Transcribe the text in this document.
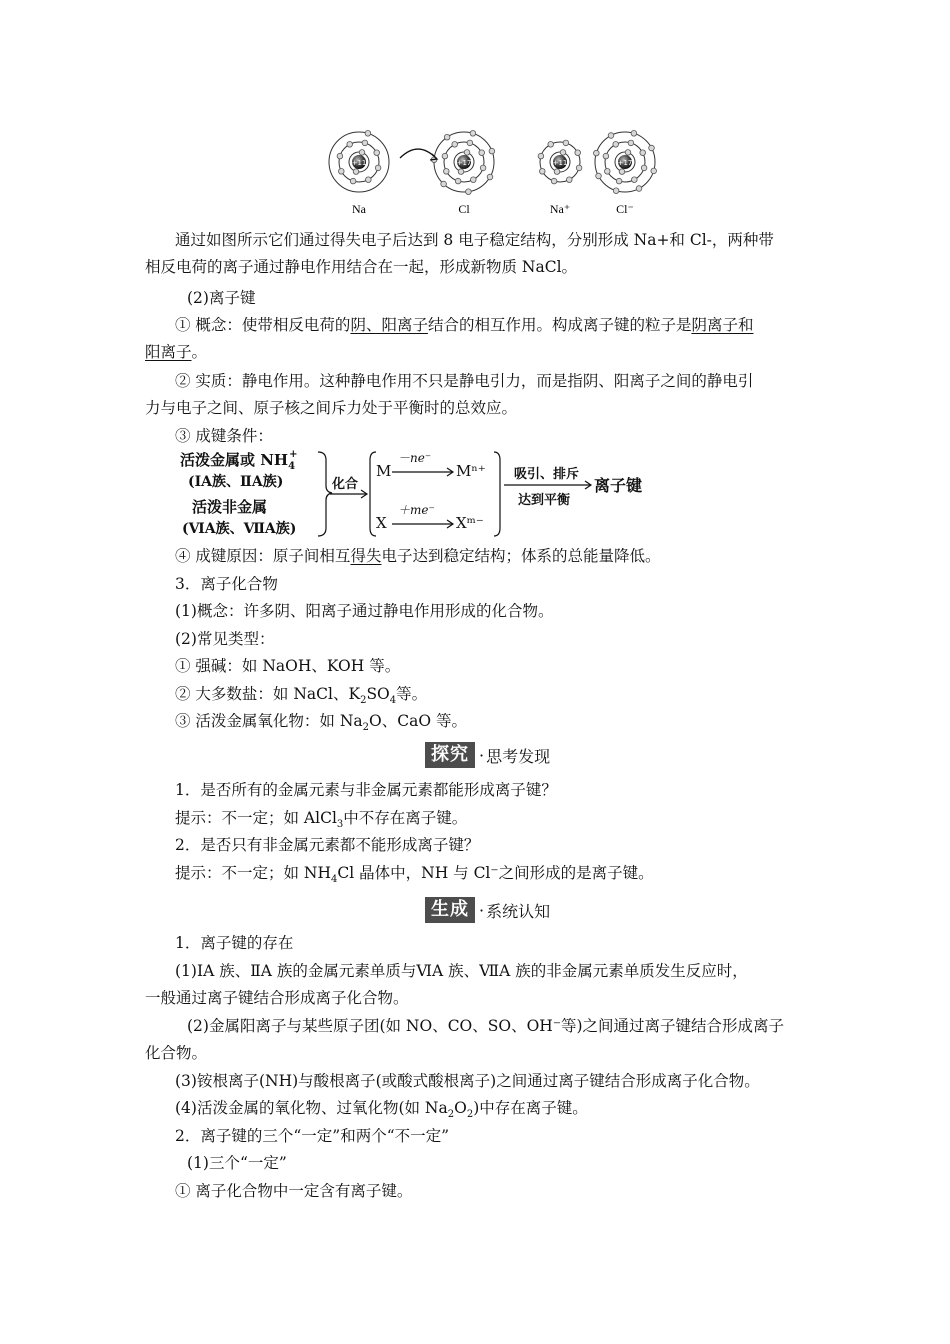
+11	+17	+11	+17
Na	Cl	Na⁺	Cl⁻
通过如图所示它们通过得失电子后达到 8 电子稳定结构，分别形成 Na+和 Cl-，两种带
相反电荷的离子通过静电作用结合在一起，形成新物质 NaCl。
(2)离子键
① 概念：使带相反电荷的阴、阳离子结合的相互作用。构成离子键的粒子是阴离子和
阳离子。
② 实质：静电作用。这种静电作用不只是静电引力，而是指阴、阳离子之间的静电引
力与电子之间、原子核之间斥力处于平衡时的总效应。
③ 成键条件：
活泼金属或 $NH_4+$
(ⅠA族、ⅡA族)
活泼非金属
(ⅥA族、ⅦA族)
化合
M
－ne⁻
Mⁿ⁺
X
＋me⁻
Xᵐ⁻
吸引、排斥
达到平衡
离子键
④ 成键原因：原子间相互得失电子达到稳定结构；体系的总能量降低。
3．离子化合物
(1)概念：许多阴、阳离子通过静电作用形成的化合物。
(2)常见类型：
① 强碱：如 NaOH、KOH 等。
② 大多数盐：如 NaCl、$K_2SO_4$等。
③ 活泼金属氧化物：如 $Na_2O$、CaO 等。
探究 · 思考发现
1．是否所有的金属元素与非金属元素都能形成离子键？
提示：不一定；如 AlCl$_3$中不存在离子键。
2．是否只有非金属元素都不能形成离子键？
提示：不一定；如 $NH_4Cl$ 晶体中，NH 与 Cl⁻之间形成的是离子键。
生成 · 系统认知
1．离子键的存在
(1)ⅠA 族、ⅡA 族的金属元素单质与ⅥA 族、ⅦA 族的非金属元素单质发生反应时，
一般通过离子键结合形成离子化合物。
(2)金属阳离子与某些原子团(如 NO、CO、SO、OH⁻等)之间通过离子键结合形成离子
化合物。
(3)铵根离子(NH)与酸根离子(或酸式酸根离子)之间通过离子键结合形成离子化合物。
(4)活泼金属的氧化物、过氧化物(如 $Na_2O_2$)中存在离子键。
2．离子键的三个“一定”和两个“不一定”
(1)三个“一定”
① 离子化合物中一定含有离子键。
